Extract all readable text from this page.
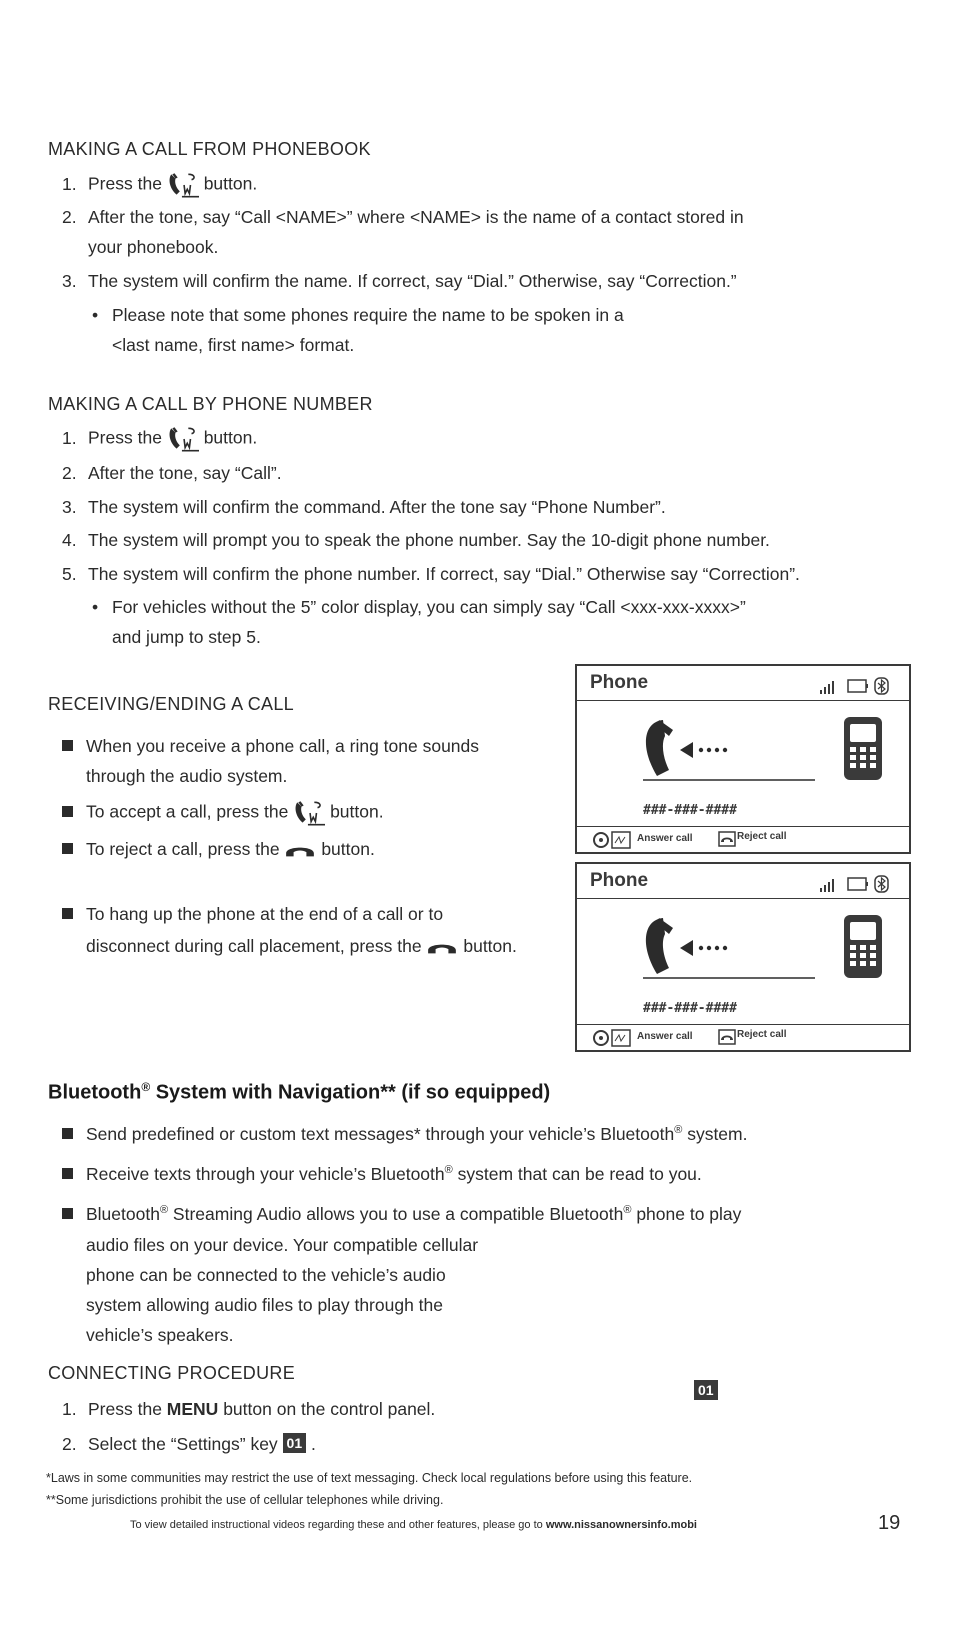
MAKING A CALL FROM PHONEBOOK
1. Press the button.
2. After the tone, say “Call <NAME>” where <NAME> is the name of a contact stored in
your phonebook.
3. The system will confirm the name. If correct, say “Dial.” Otherwise, say “Correction.”
• Please note that some phones require the name to be spoken in a
<last name, first name> format.
MAKING A CALL BY PHONE NUMBER
1. Press the button.
2. After the tone, say “Call”.
3. The system will confirm the command. After the tone say “Phone Number”.
4. The system will prompt you to speak the phone number. Say the 10-digit phone number.
5. The system will confirm the phone number. If correct, say “Dial.” Otherwise say “Correction”.
• For vehicles without the 5” color display, you can simply say “Call <xxx-xxx-xxxx>”
and jump to step 5.
RECEIVING/ENDING A CALL
When you receive a phone call, a ring tone sounds
through the audio system.
To accept a call, press the button.
To reject a call, press the button.
To hang up the phone at the end of a call or to
disconnect during call placement, press the button.
Phone
###-###-####
Answer call	Reject call
Phone
###-###-####
Answer call	Reject call
Bluetooth® System with Navigation** (if so equipped)
Send predefined or custom text messages* through your vehicle’s Bluetooth® system.
Receive texts through your vehicle’s Bluetooth® system that can be read to you.
Bluetooth® Streaming Audio allows you to use a compatible Bluetooth® phone to play
audio files on your device. Your compatible cellular
phone can be connected to the vehicle’s audio
system allowing audio files to play through the
vehicle’s speakers.
CONNECTING PROCEDURE
1. Press the MENU button on the control panel.
2. Select the “Settings” key 01 .
01
*Laws in some communities may restrict the use of text messaging. Check local regulations before using this feature.
**Some jurisdictions prohibit the use of cellular telephones while driving.
To view detailed instructional videos regarding these and other features, please go to www.nissanownersinfo.mobi	19
